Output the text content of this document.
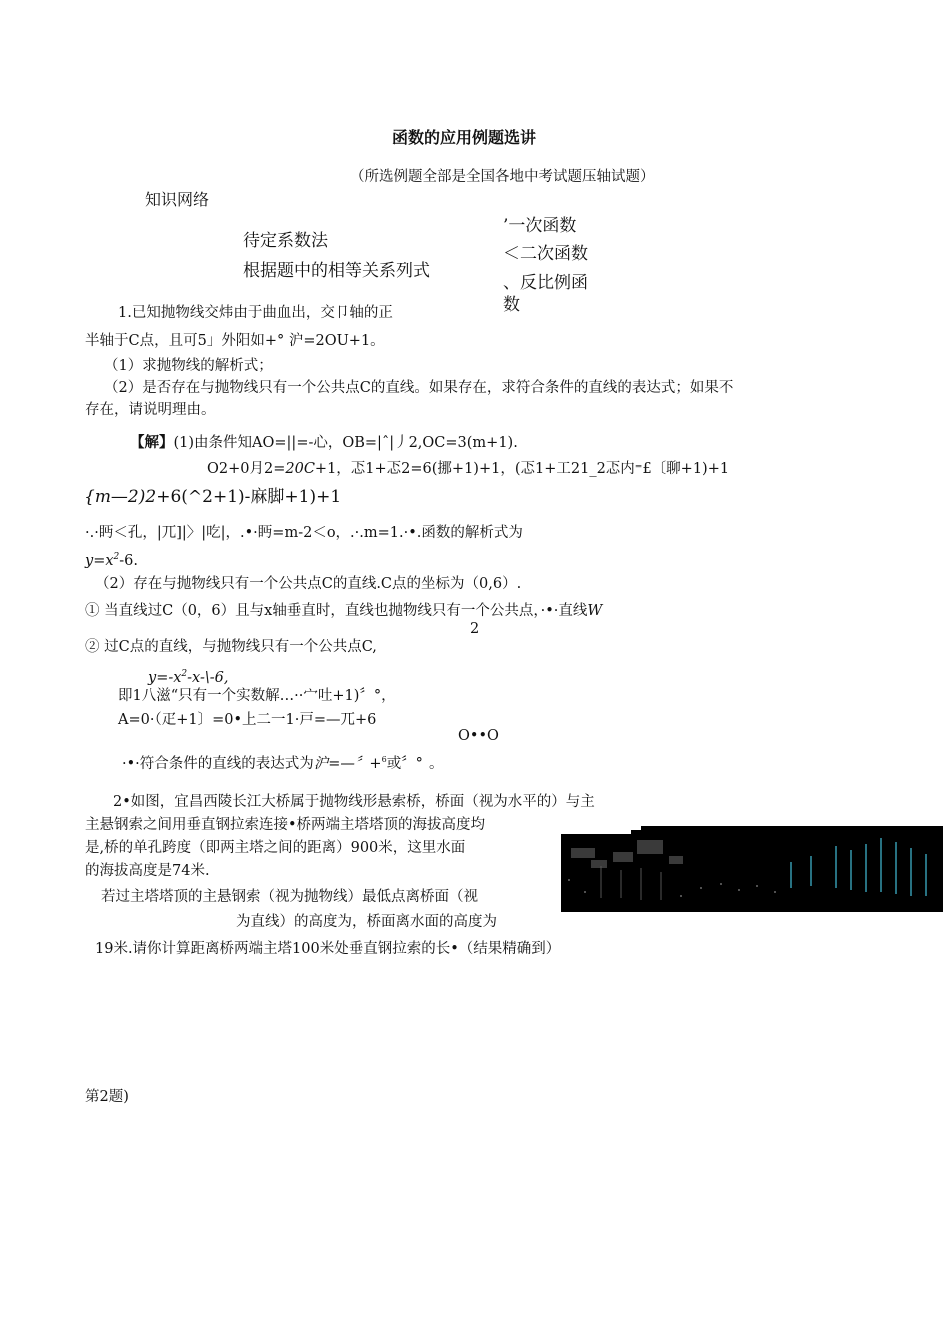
函数的应用例题选讲
（所选例题全部是全国各地中考试题压轴试题）
知识网络
待定系数法
根据题中的相等关系列式
’一次函数
＜二次函数
、反比例函
数
1.已知抛物线交炜由于曲血出，交卩轴的正
半轴于C点，且可5」外阳如+° 沪=2OU+1。
（1）求抛物线的解析式；
（2）是否存在与抛物线只有一个公共点C的直线。如果存在，求符合条件的直线的表达式；如果不
存在，请说明理由。
【解】(1)由条件知AO=||=-心，OB=|ˆ|丿2,OC=3(m+1).
O2+0月2=20C+1，忑1+忑2=6(挪+1)+1，(忑1+工21_2忑内⁼£〔聊+1)+1
{m—2)2+6(^2+1)-麻脚+1)+1
·.·眄＜孔，|兀]|〉|吃|，.•·眄=m-2＜o，.·.m=1.·•.函数的解析式为
$y=x^2-6$.
（2）存在与抛物线只有一个公共点C的直线.C点的坐标为（0,6）.
① 当直线过C（0，6）且与x轴垂直时，直线也抛物线只有一个公共点，·•·直线W
2
② 过C点的直线，与抛物线只有一个公共点C,
$y=-x^2-x-\backslash-6$,
即1八滋“只有一个实数解…··宀吐+1)〞°，
A=0·（疋+1〕=0•上二一1·戸=—兀+6
O••O
·•·符合条件的直线的表达式为沪=—〞+$^6$或〞° 。
2•如图，宜昌西陵长江大桥属于抛物线形悬索桥，桥面（视为水平的）与主
主悬钢索之间用垂直钢拉索连接•桥两端主塔塔顶的海拔高度均
是,桥的单孔跨度（即两主塔之间的距离）900米，这里水面
的海拔高度是74米.
若过主塔塔顶的主悬钢索（视为抛物线）最低点离桥面（视
为直线）的高度为，桥面离水面的高度为
19米.请你计算距离桥两端主塔100米处垂直钢拉索的长•（结果精确到）
第2题)
